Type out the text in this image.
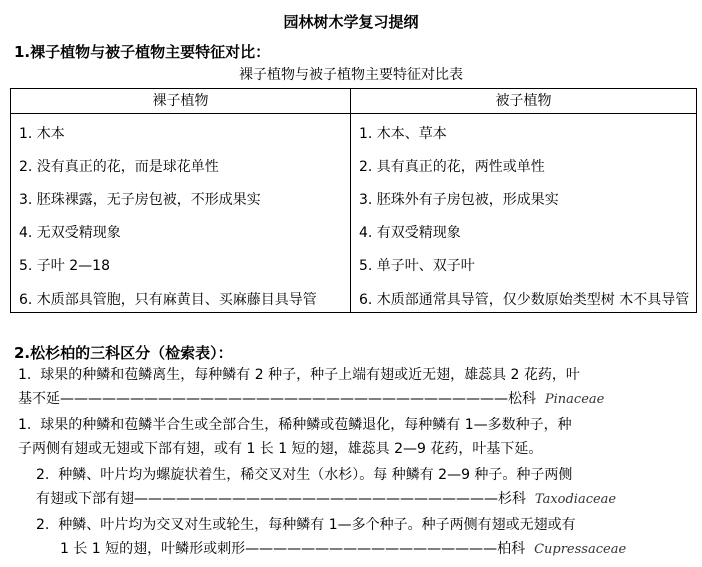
园林树木学复习提纲
1.裸子植物与被子植物主要特征对比：
裸子植物与被子植物主要特征对比表
裸子植物	被子植物

1. 木本	1. 木本、草本

2. 没有真正的花，而是球花单性	2. 具有真正的花，两性或单性

3. 胚珠裸露，无子房包被，不形成果实	3. 胚珠外有子房包被，形成果实

4. 无双受精现象	4. 有双受精现象

5. 子叶 2—18	5. 单子叶、双子叶

6. 木质部具管胞，只有麻黄目、买麻藤目具导管	6. 木质部通常具导管，仅少数原始类型树 木不具导管
2.松杉柏的三科区分（检索表）：
1. 球果的种鳞和苞鳞离生，每种鳞有 2 种子，种子上端有翅或近无翅，雄蕊具 2 花药，叶
基不延————————————————————————————————松科 Pinaceae
1. 球果的种鳞和苞鳞半合生或全部合生，稀种鳞或苞鳞退化，每种鳞有 1—多数种子，种
子两侧有翅或无翅或下部有翅，或有 1 长 1 短的翅，雄蕊具 2—9 花药，叶基下延。
2. 种鳞、叶片均为螺旋状着生，稀交叉对生（水杉）。每 种鳞有 2—9 种子。种子两侧
有翅或下部有翅——————————————————————————杉科 Taxodiaceae
2. 种鳞、叶片均为交叉对生或轮生，每种鳞有 1—多个种子。种子两侧有翅或无翅或有
1 长 1 短的翅，叶鳞形或刺形——————————————————柏科 Cupressaceae
